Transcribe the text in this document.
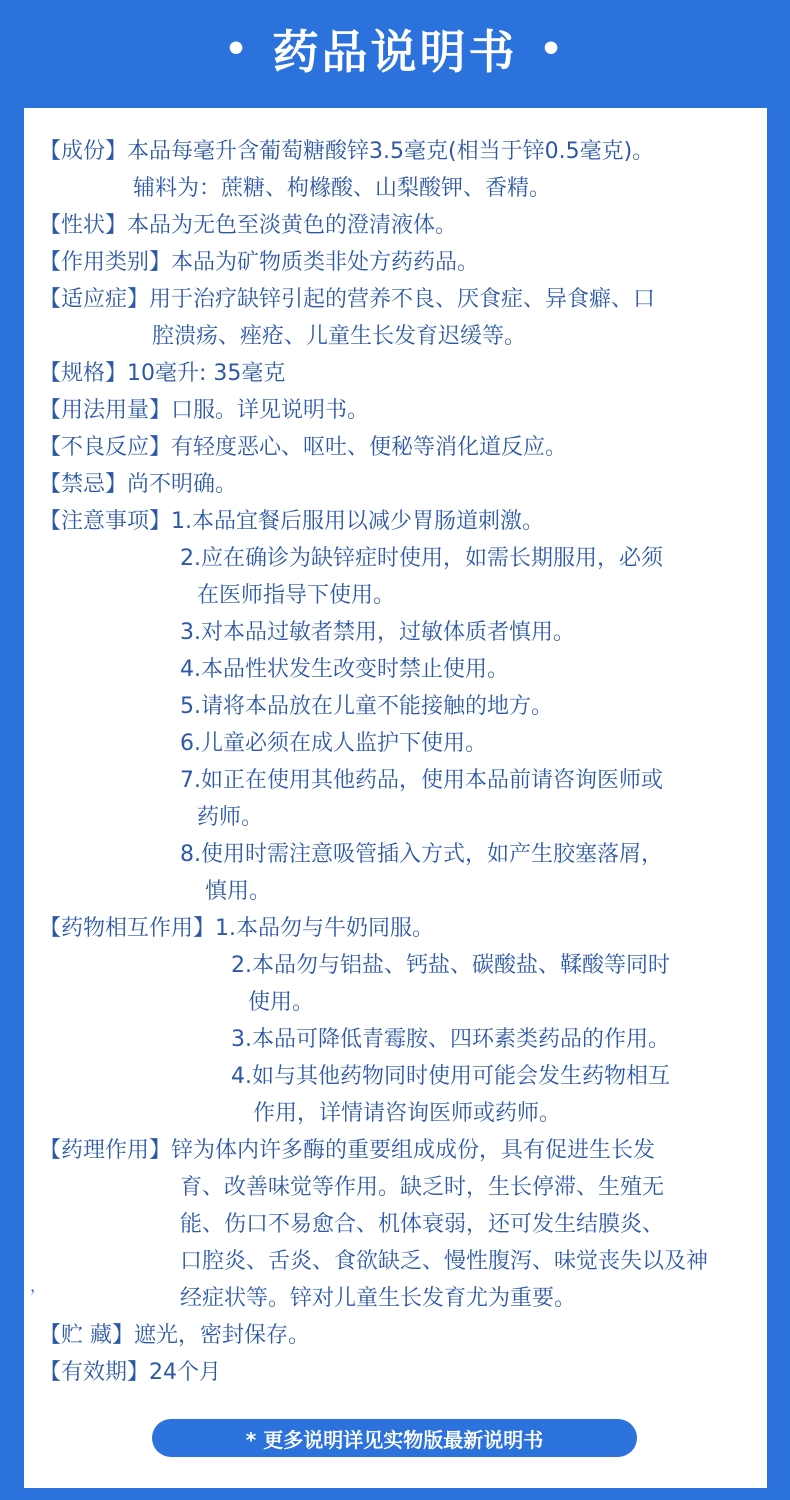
• 药品说明书 •
【成份】本品每毫升含葡萄糖酸锌3.5毫克(相当于锌0.5毫克)。
辅料为：蔗糖、枸橼酸、山梨酸钾、香精。
【性状】本品为无色至淡黄色的澄清液体。
【作用类别】本品为矿物质类非处方药药品。
【适应症】用于治疗缺锌引起的营养不良、厌食症、异食癖、口
腔溃疡、痤疮、儿童生长发育迟缓等。
【规格】10毫升: 35毫克
【用法用量】口服。详见说明书。
【不良反应】有轻度恶心、呕吐、便秘等消化道反应。
【禁忌】尚不明确。
【注意事项】1.本品宜餐后服用以减少胃肠道刺激。
2.应在确诊为缺锌症时使用，如需长期服用，必须
在医师指导下使用。
3.对本品过敏者禁用，过敏体质者慎用。
4.本品性状发生改变时禁止使用。
5.请将本品放在儿童不能接触的地方。
6.儿童必须在成人监护下使用。
7.如正在使用其他药品，使用本品前请咨询医师或
药师。
8.使用时需注意吸管插入方式，如产生胶塞落屑，
慎用。
【药物相互作用】1.本品勿与牛奶同服。
2.本品勿与铝盐、钙盐、碳酸盐、鞣酸等同时
使用。
3.本品可降低青霉胺、四环素类药品的作用。
4.如与其他药物同时使用可能会发生药物相互
作用，详情请咨询医师或药师。
【药理作用】锌为体内许多酶的重要组成成份，具有促进生长发
育、改善味觉等作用。缺乏时，生长停滞、生殖无
能、伤口不易愈合、机体衰弱，还可发生结膜炎、
口腔炎、舌炎、食欲缺乏、慢性腹泻、味觉丧失以及神
经症状等。锌对儿童生长发育尤为重要。
【贮 藏】遮光，密封保存。
【有效期】24个月
，
* 更多说明详见实物版最新说明书
